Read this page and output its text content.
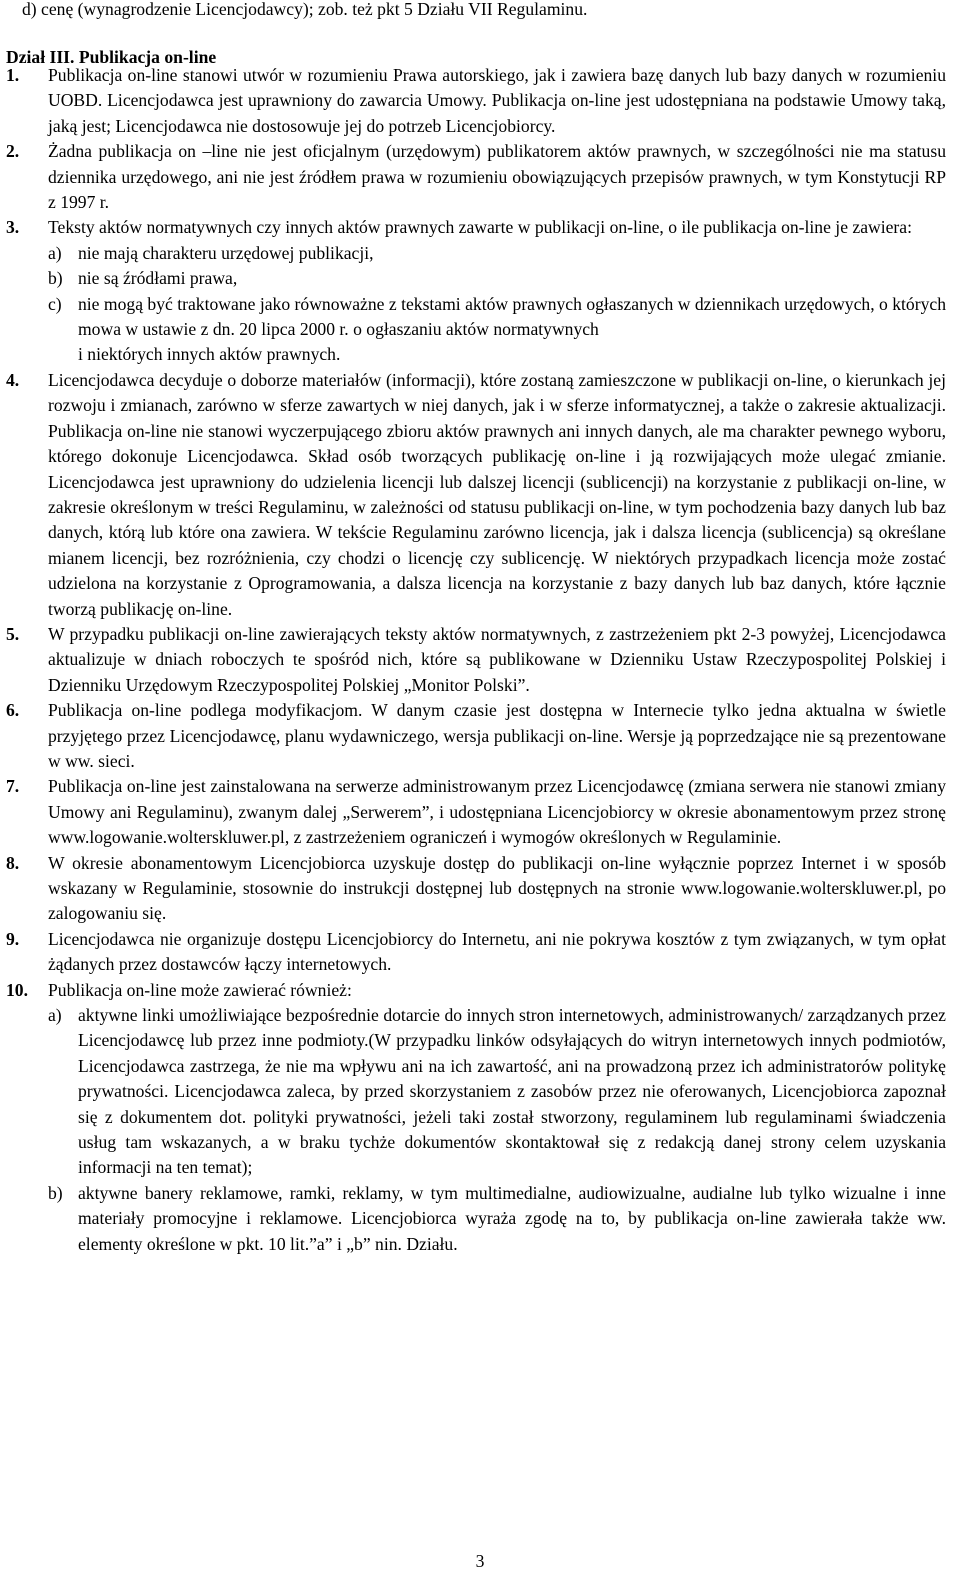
d) cenę (wynagrodzenie Licencjodawcy); zob. też pkt 5 Działu VII Regulaminu.

Dział III. Publikacja on-line

1. Publikacja on-line stanowi utwór w rozumieniu Prawa autorskiego, jak i zawiera bazę danych lub bazy danych w rozumieniu UOBD. Licencjodawca jest uprawniony do zawarcia Umowy. Publikacja on-line jest udostępniana na podstawie Umowy taką, jaką jest; Licencjodawca nie dostosowuje jej do potrzeb Licencjobiorcy.
2. Żadna publikacja on –line nie jest oficjalnym (urzędowym) publikatorem aktów prawnych, w szczególności nie ma statusu dziennika urzędowego, ani nie jest źródłem prawa w rozumieniu obowiązujących przepisów prawnych, w tym Konstytucji RP z 1997 r.
3. Teksty aktów normatywnych czy innych aktów prawnych zawarte w publikacji on-line, o ile publikacja on-line je zawiera:
a) nie mają charakteru urzędowej publikacji,
b) nie są źródłami prawa,
c) nie mogą być traktowane jako równoważne z tekstami aktów prawnych ogłaszanych w dziennikach urzędowych, o których mowa w ustawie z dn. 20 lipca 2000 r. o ogłaszaniu aktów normatywnych
i niektórych innych aktów prawnych.
4. Licencjodawca decyduje o doborze materiałów (informacji), które zostaną zamieszczone w publikacji on-line, o kierunkach jej rozwoju i zmianach, zarówno w sferze zawartych w niej danych, jak i w sferze informatycznej, a także o zakresie aktualizacji. Publikacja on-line nie stanowi wyczerpującego zbioru aktów prawnych ani innych danych, ale ma charakter pewnego wyboru, którego dokonuje Licencjodawca. Skład osób tworzących publikację on-line i ją rozwijających może ulegać zmianie. Licencjodawca jest uprawniony do udzielenia licencji lub dalszej licencji (sublicencji) na korzystanie z publikacji on-line, w zakresie określonym w treści Regulaminu, w zależności od statusu publikacji on-line, w tym pochodzenia bazy danych lub baz danych, którą lub które ona zawiera. W tekście Regulaminu zarówno licencja, jak i dalsza licencja (sublicencja) są określane mianem licencji, bez rozróżnienia, czy chodzi o licencję czy sublicencję. W niektórych przypadkach licencja może zostać udzielona na korzystanie z Oprogramowania, a dalsza licencja na korzystanie z bazy danych lub baz danych, które łącznie tworzą publikację on-line.
5. W przypadku publikacji on-line zawierających teksty aktów normatywnych, z zastrzeżeniem pkt 2-3 powyżej, Licencjodawca aktualizuje w dniach roboczych te spośród nich, które są publikowane w Dzienniku Ustaw Rzeczypospolitej Polskiej i Dzienniku Urzędowym Rzeczypospolitej Polskiej „Monitor Polski”.
6. Publikacja on-line podlega modyfikacjom. W danym czasie jest dostępna w Internecie tylko jedna aktualna w świetle przyjętego przez Licencjodawcę, planu wydawniczego, wersja publikacji on-line. Wersje ją poprzedzające nie są prezentowane w ww. sieci.
7. Publikacja on-line jest zainstalowana na serwerze administrowanym przez Licencjodawcę (zmiana serwera nie stanowi zmiany Umowy ani Regulaminu), zwanym dalej „Serwerem”, i udostępniana Licencjobiorcy w okresie abonamentowym przez stronę www.logowanie.wolterskluwer.pl, z zastrzeżeniem ograniczeń i wymogów określonych w Regulaminie.
8. W okresie abonamentowym Licencjobiorca uzyskuje dostęp do publikacji on-line wyłącznie poprzez Internet i w sposób wskazany w Regulaminie, stosownie do instrukcji dostępnej lub dostępnych na stronie www.logowanie.wolterskluwer.pl, po zalogowaniu się.
9. Licencjodawca nie organizuje dostępu Licencjobiorcy do Internetu, ani nie pokrywa kosztów z tym związanych, w tym opłat żądanych przez dostawców łączy internetowych.
10. Publikacja on-line może zawierać również:
a) aktywne linki umożliwiające bezpośrednie dotarcie do innych stron internetowych, administrowanych/ zarządzanych przez Licencjodawcę lub przez inne podmioty.(W przypadku linków odsyłających do witryn internetowych innych podmiotów, Licencjodawca zastrzega, że nie ma wpływu ani na ich zawartość, ani na prowadzoną przez ich administratorów politykę prywatności. Licencjodawca zaleca, by przed skorzystaniem z zasobów przez nie oferowanych, Licencjobiorca zapoznał się z dokumentem dot. polityki prywatności, jeżeli taki został stworzony, regulaminem lub regulaminami świadczenia usług tam wskazanych, a w braku tychże dokumentów skontaktował się z redakcją danej strony celem uzyskania informacji na ten temat);
b) aktywne banery reklamowe, ramki, reklamy, w tym multimedialne, audiowizualne, audialne lub tylko wizualne i inne materiały promocyjne i reklamowe. Licencjobiorca wyraża zgodę na to, by publikacja on-line zawierała także ww. elementy określone w pkt. 10 lit.”a” i „b” nin. Działu.
3
